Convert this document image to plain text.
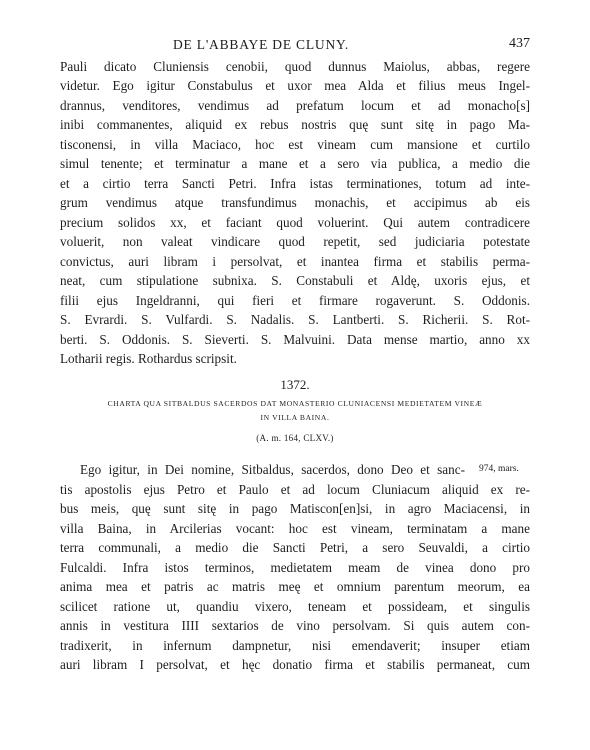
DE L'ABBAYE DE CLUNY.	437
Pauli dicato Cluniensis cenobii, quod dunnus Maiolus, abbas, regere
videtur. Ego igitur Constabulus et uxor mea Alda et filius meus Ingel-
drannus, venditores, vendimus ad prefatum locum et ad monacho[s]
inibi commanentes, aliquid ex rebus nostris quę sunt sitę in pago Ma-
tisconensi, in villa Maciaco, hoc est vineam cum mansione et curtilo
simul tenente; et terminatur a mane et a sero via publica, a medio die
et a cirtio terra Sancti Petri. Infra istas terminationes, totum ad inte-
grum vendimus atque transfundimus monachis, et accipimus ab eis
precium solidos xx, et faciant quod voluerint. Qui autem contradicere
voluerit, non valeat vindicare quod repetit, sed judiciaria potestate
convictus, auri libram i persolvat, et inantea firma et stabilis perma-
neat, cum stipulatione subnixa. S. Constabuli et Aldę, uxoris ejus, et
filii ejus Ingeldranni, qui fieri et firmare rogaverunt. S. Oddonis.
S. Evrardi. S. Vulfardi. S. Nadalis. S. Lantberti. S. Richerii. S. Rot-
berti. S. Oddonis. S. Sieverti. S. Malvuini. Data mense martio, anno xx
Lotharii regis. Rothardus scripsit.
1372.
CHARTA QUA SITBALDUS SACERDOS DAT MONASTERIO CLUNIACENSI MEDIETATEM VINEÆ
IN VILLA BAINA.
(A. m. 164, CLXV.)
974, mars.
Ego igitur, in Dei nomine, Sitbaldus, sacerdos, dono Deo et sanc-
tis apostolis ejus Petro et Paulo et ad locum Cluniacum aliquid ex re-
bus meis, quę sunt sitę in pago Matiscon[en]si, in agro Maciacensi, in
villa Baina, in Arcilerias vocant: hoc est vineam, terminatam a mane
terra communali, a medio die Sancti Petri, a sero Seuvaldi, a cirtio
Fulcaldi. Infra istos terminos, medietatem meam de vinea dono pro
anima mea et patris ac matris meę et omnium parentum meorum, ea
scilicet ratione ut, quandiu vixero, teneam et possideam, et singulis
annis in vestitura IIII sextarios de vino persolvam. Si quis autem con-
tradixerit, in infernum dampnetur, nisi emendaverit; insuper etiam
auri libram I persolvat, et hęc donatio firma et stabilis permaneat, cum
